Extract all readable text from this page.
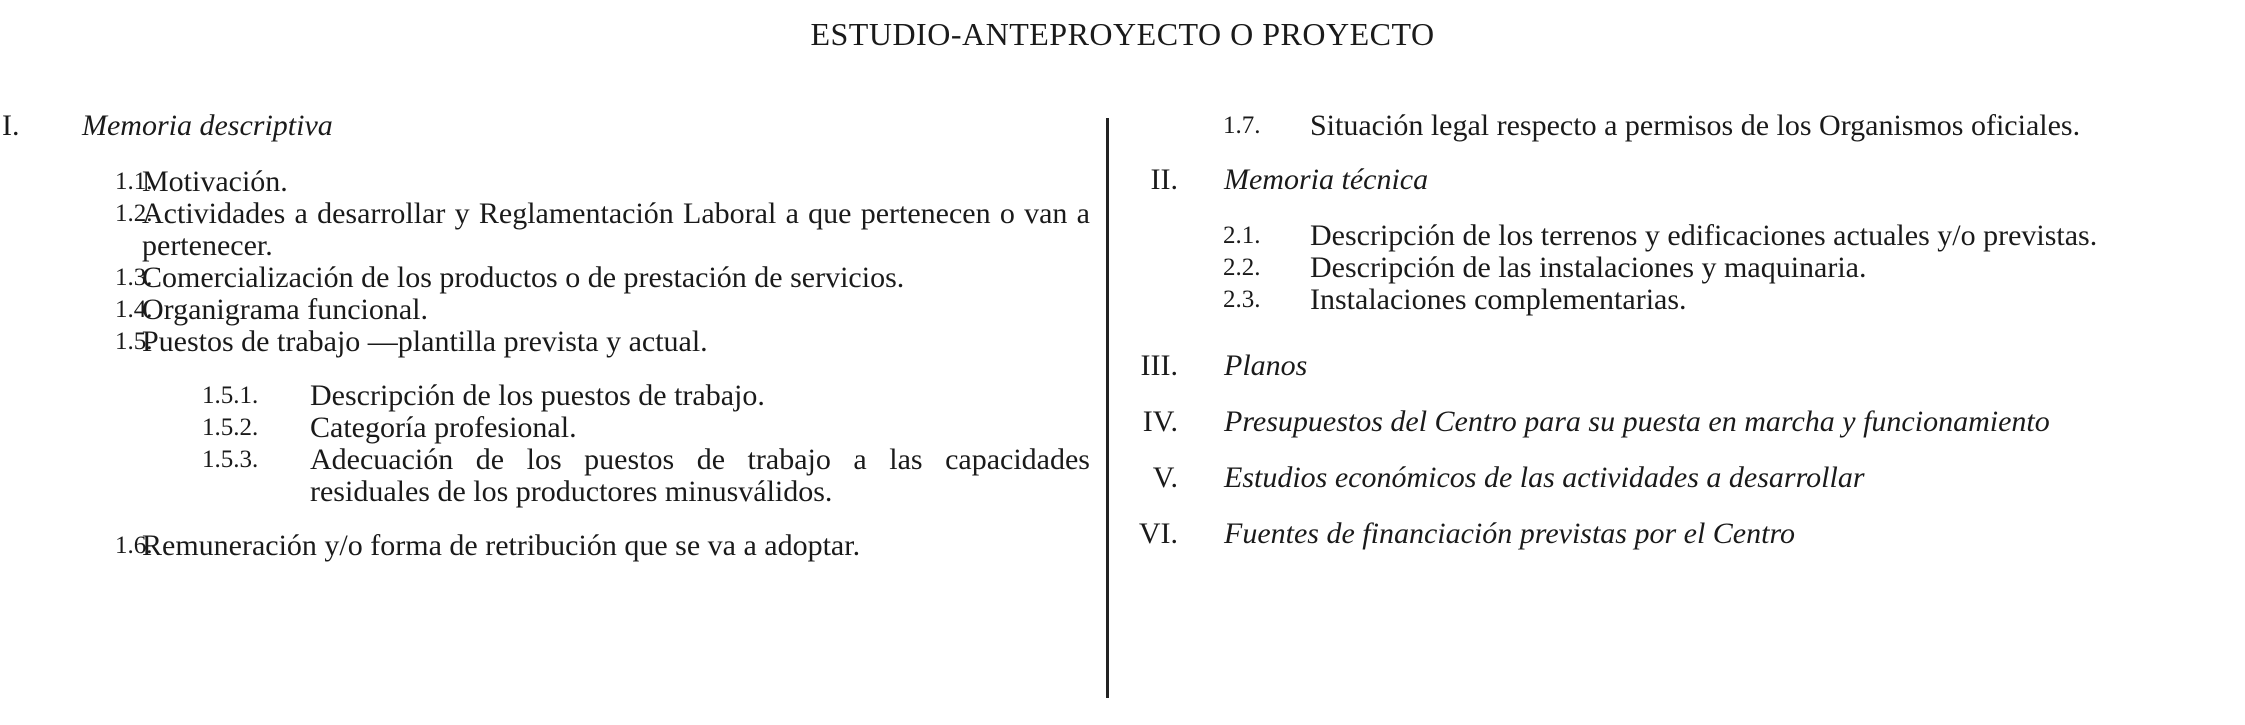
ESTUDIO-ANTEPROYECTO O PROYECTO
I.	Memoria descriptiva
1.1.
Motivación.
1.2.
Actividades a desarrollar y Reglamentación Laboral a que pertenecen o van a pertenecer.
1.3.
Comercialización de los productos o de prestación de servicios.
1.4.
Organigrama funcional.
1.5.
Puestos de trabajo —plantilla prevista y actual.
1.5.1. Descripción de los puestos de trabajo.
1.5.2. Categoría profesional.
1.5.3. Adecuación de los puestos de trabajo a las capacidades residuales de los productores minusválidos.
1.6.
Remuneración y/o forma de retribución que se va a adoptar.
1.7. Situación legal respecto a permisos de los Organismos oficiales.
II. Memoria técnica
2.1. Descripción de los terrenos y edificaciones actuales y/o previstas.
2.2. Descripción de las instalaciones y maquinaria.
2.3. Instalaciones complementarias.
III. Planos
IV. Presupuestos del Centro para su puesta en marcha y funcionamiento
V. Estudios económicos de las actividades a desarrollar
VI. Fuentes de financiación previstas por el Centro
